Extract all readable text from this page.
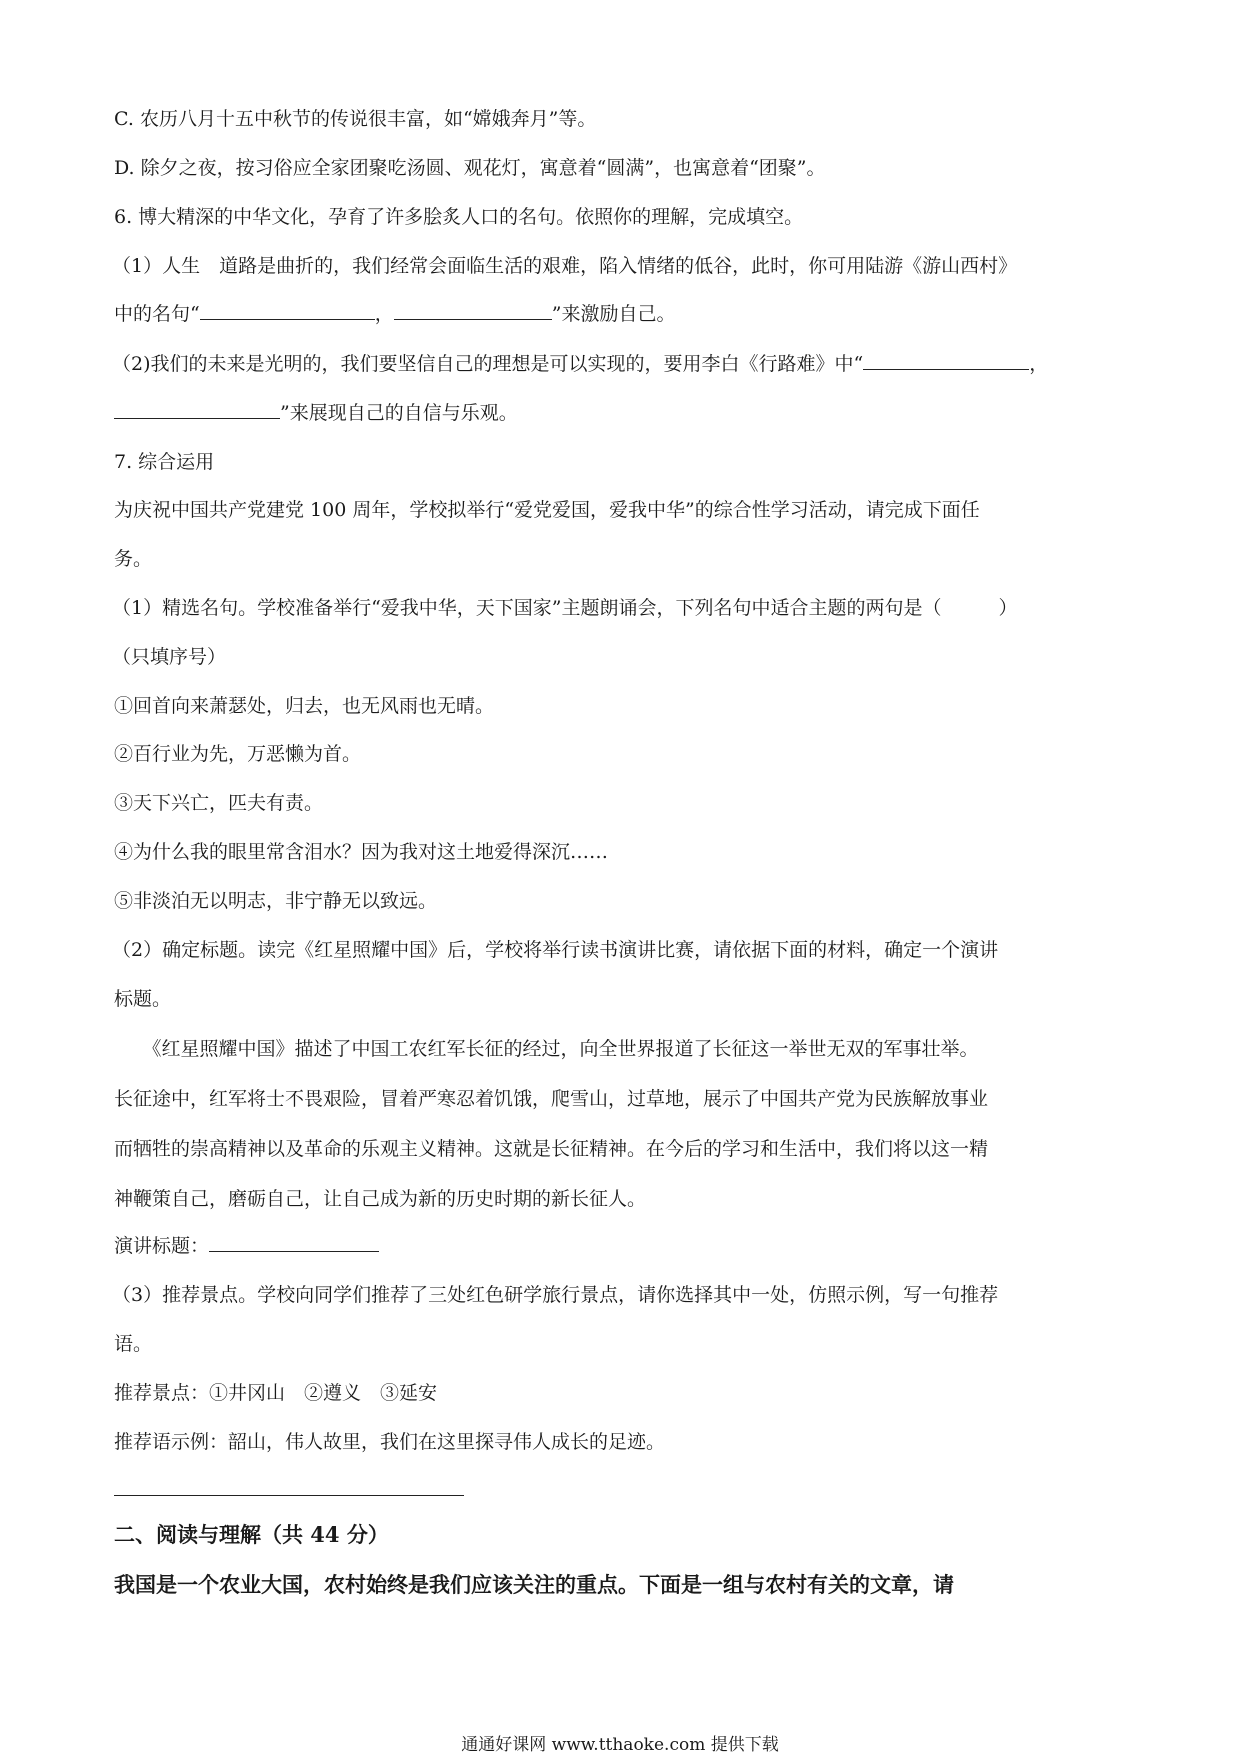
C. 农历八月十五中秋节的传说很丰富，如“嫦娥奔月”等。
D. 除夕之夜，按习俗应全家团聚吃汤圆、观花灯，寓意着“圆满”，也寓意着“团聚”。
6. 博大精深的中华文化，孕育了许多脍炙人口的名句。依照你的理解，完成填空。
（1）人生　道路是曲折的，我们经常会面临生活的艰难，陷入情绪的低谷，此时，你可用陆游《游山西村》
中的名句“	，	”来激励自己。
（2)我们的未来是光明的，我们要坚信自己的理想是可以实现的，要用李白《行路难》中“	，
”来展现自己的自信与乐观。
7. 综合运用
为庆祝中国共产党建党 100 周年，学校拟举行“爱党爱国，爱我中华”的综合性学习活动，请完成下面任
务。
（1）精选名句。学校准备举行“爱我中华，天下国家”主题朗诵会，下列名句中适合主题的两句是（　　　）
（只填序号）
①回首向来萧瑟处，归去，也无风雨也无晴。
②百行业为先，万恶懒为首。
③天下兴亡，匹夫有责。
④为什么我的眼里常含泪水？因为我对这土地爱得深沉……
⑤非淡泊无以明志，非宁静无以致远。
（2）确定标题。读完《红星照耀中国》后，学校将举行读书演讲比赛，请依据下面的材料，确定一个演讲
标题。
　　《红星照耀中国》描述了中国工农红军长征的经过，向全世界报道了长征这一举世无双的军事壮举。
长征途中，红军将士不畏艰险，冒着严寒忍着饥饿，爬雪山，过草地，展示了中国共产党为民族解放事业
而牺牲的崇高精神以及革命的乐观主义精神。这就是长征精神。在今后的学习和生活中，我们将以这一精
神鞭策自己，磨砺自己，让自己成为新的历史时期的新长征人。
演讲标题：
（3）推荐景点。学校向同学们推荐了三处红色研学旅行景点，请你选择其中一处，仿照示例，写一句推荐
语。
推荐景点：①井冈山　②遵义　③延安
推荐语示例：韶山，伟人故里，我们在这里探寻伟人成长的足迹。
二、阅读与理解（共 44 分）
我国是一个农业大国，农村始终是我们应该关注的重点。下面是一组与农村有关的文章，请
通通好课网 www.tthaoke.com 提供下载
